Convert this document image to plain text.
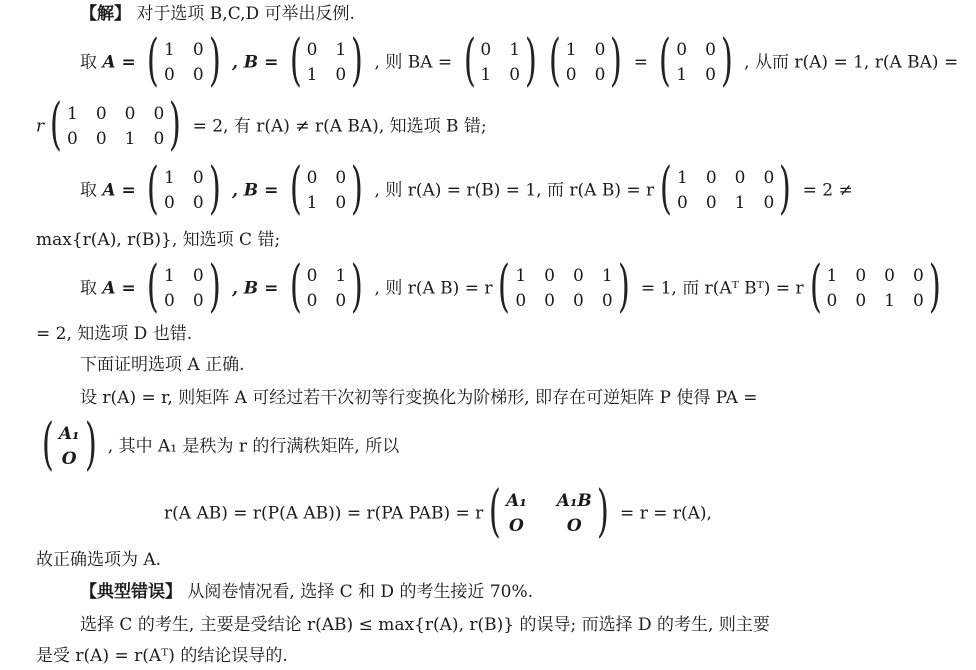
【解】 对于选项 B,C,D 可举出反例.
取 A = ( 1 0
0 0 ) , B = ( 0 1
1 0 ) , 则 BA = ( 0 1
1 0 ) ( 1 0
0 0 ) = ( 0 0
1 0 ) , 从而 r(A) = 1, r(A BA) =
r ( 1 0 0 0
0 0 1 0 ) = 2, 有 r(A) ≠ r(A BA), 知选项 B 错;
取 A = ( 1 0
0 0 ) , B = ( 0 0
1 0 ) , 则 r(A) = r(B) = 1, 而 r(A B) = r ( 1 0 0 0
0 0 1 0 ) = 2 ≠
max{r(A), r(B)}, 知选项 C 错;
取 A = ( 1 0
0 0 ) , B = ( 0 1
0 0 ) , 则 r(A B) = r ( 1 0 0 1
0 0 0 0 ) = 1, 而 r(Aᵀ Bᵀ) = r ( 1 0 0 0
0 0 1 0 )
= 2, 知选项 D 也错.
下面证明选项 A 正确.
设 r(A) = r, 则矩阵 A 可经过若干次初等行变换化为阶梯形, 即存在可逆矩阵 P 使得 PA =
( A₁
O ) , 其中 A₁ 是秩为 r 的行满秩矩阵, 所以
r(A AB) = r(P(A AB)) = r(PA PAB) = r ( A₁ A₁B
O	O ) = r = r(A),
故正确选项为 A.
【典型错误】 从阅卷情况看, 选择 C 和 D 的考生接近 70%.
选择 C 的考生, 主要是受结论 r(AB) ≤ max{r(A), r(B)} 的误导; 而选择 D 的考生, 则主要
是受 r(A) = r(Aᵀ) 的结论误导的.
